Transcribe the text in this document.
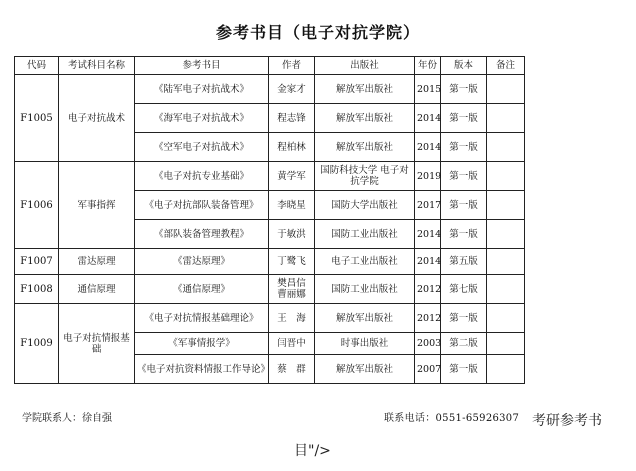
参考书目（电子对抗学院）
代码	考试科目名称	参考书目	作者	出版社	年份	版本	备注
F1005	电子对抗战术	《陆军电子对抗战术》	金家才	解放军出版社	2015	第一版	
		《海军电子对抗战术》	程志锋	解放军出版社	2014	第一版	
		《空军电子对抗战术》	程柏林	解放军出版社	2014	第一版	
F1006	军事指挥	《电子对抗专业基础》	黄学军	国防科技大学 电子对抗学院	2019	第一版	
		《电子对抗部队装备管理》	李晓星	国防大学出版社	2017	第一版	
		《部队装备管理教程》	于敏洪	国防工业出版社	2014	第一版	
F1007	雷达原理	《雷达原理》	丁鹭飞	电子工业出版社	2014	第五版	
F1008	通信原理	《通信原理》	樊昌信 曹丽娜	国防工业出版社	2012	第七版	
F1009	电子对抗情报基础	《电子对抗情报基础理论》	王　海	解放军出版社	2012	第一版	
		《军事情报学》	闫晋中	时事出版社	2003	第二版	
		《电子对抗资料情报工作导论》	蔡　群	解放军出版社	2007	第一版	
学院联系人：徐自强	联系电话：0551-65926307 考研参考书
目"/>
